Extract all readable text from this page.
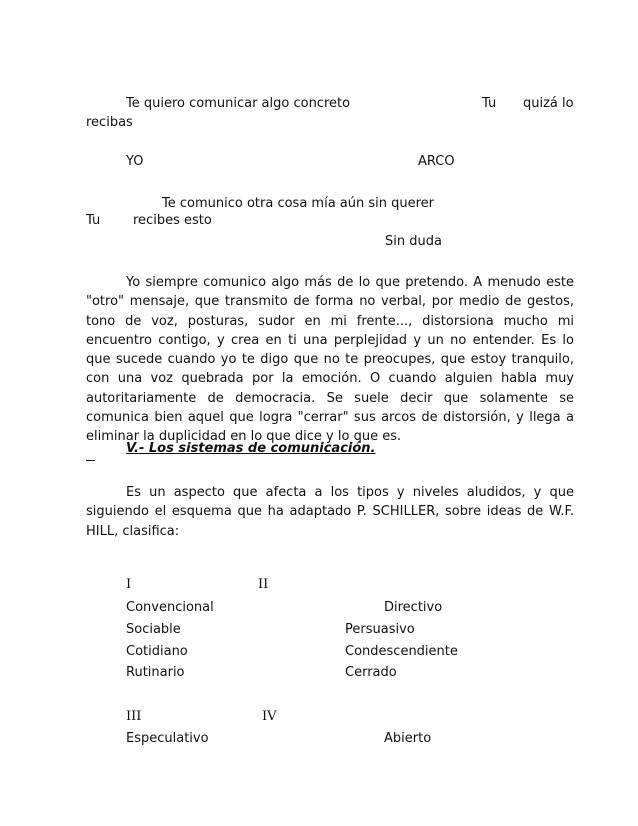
Te quiero comunicar algo concreto	Tu quizá lo
recibas
YO	ARCO
Te comunico otra cosa mía aún sin querer
Tu	recibes esto
Sin duda
Yo siempre comunico algo más de lo que pretendo. A menudo este "otro" mensaje, que transmito de forma no verbal, por medio de gestos, tono de voz, posturas, sudor en mi frente..., distorsiona mucho mi encuentro contigo, y crea en ti una perplejidad y un no entender. Es lo que sucede cuando yo te digo que no te preocupes, que estoy tranquilo, con una voz quebrada por la emoción. O cuando alguien habla muy autoritariamente de democracia. Se suele decir que solamente se comunica bien aquel que logra "cerrar" sus arcos de distorsión, y llega a eliminar la duplicidad en lo que dice y lo que es.
V.- Los sistemas de comunicación.
Es un aspecto que afecta a los tipos y niveles aludidos, y que siguiendo el esquema que ha adaptado P. SCHILLER, sobre ideas de W.F. HILL, clasifica:
I	II
Convencional	Directivo
Sociable	Persuasivo
Cotidiano	Condescendiente
Rutinario	Cerrado
III	IV
Especulativo	Abierto
